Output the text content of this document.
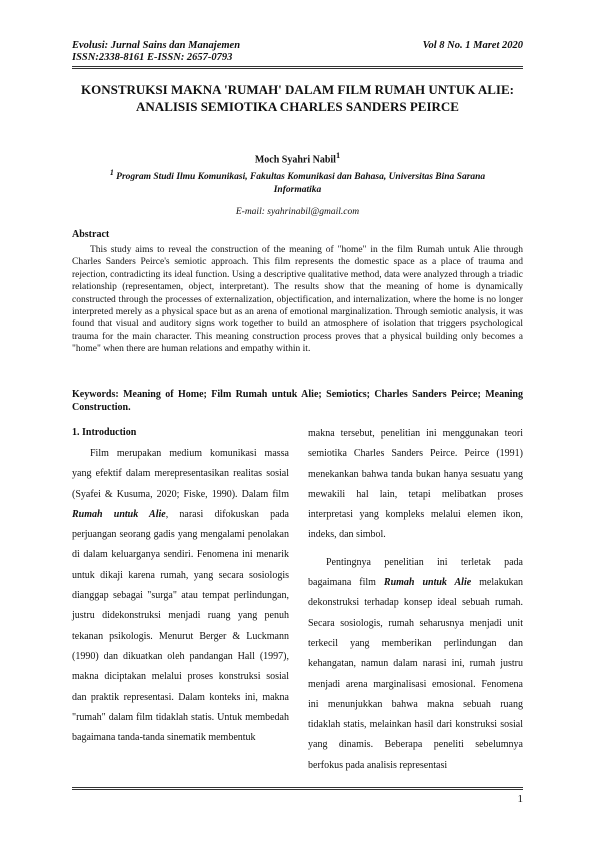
Evolusi: Jurnal Sains dan Manajemen
ISSN:2338-8161 E-ISSN: 2657-0793
Vol 8 No. 1 Maret 2020
KONSTRUKSI MAKNA 'RUMAH' DALAM FILM RUMAH UNTUK ALIE: ANALISIS SEMIOTIKA CHARLES SANDERS PEIRCE
Moch Syahri Nabil$^1$
$^1$ Program Studi Ilmu Komunikasi, Fakultas Komunikasi dan Bahasa, Universitas Bina Sarana Informatika
E-mail: syahrinabil@gmail.com
Abstract

This study aims to reveal the construction of the meaning of "home" in the film Rumah untuk Alie through Charles Sanders Peirce's semiotic approach. This film represents the domestic space as a place of trauma and rejection, contradicting its ideal function. Using a descriptive qualitative method, data were analyzed through a triadic relationship (representamen, object, interpretant). The results show that the meaning of home is dynamically constructed through the processes of externalization, objectification, and internalization, where the home is no longer interpreted merely as a physical space but as an arena of emotional marginalization. Through semiotic analysis, it was found that visual and auditory signs work together to build an atmosphere of isolation that triggers psychological trauma for the main character. This meaning construction process proves that a physical building only becomes a "home" when there are human relations and empathy within it.

Keywords: Meaning of Home; Film Rumah untuk Alie; Semiotics; Charles Sanders Peirce; Meaning Construction.
1. Introduction

Film merupakan medium komunikasi massa yang efektif dalam merepresentasikan realitas sosial (Syafei & Kusuma, 2020; Fiske, 1990). Dalam film Rumah untuk Alie, narasi difokuskan pada perjuangan seorang gadis yang mengalami penolakan di dalam keluarganya sendiri. Fenomena ini menarik untuk dikaji karena rumah, yang secara sosiologis dianggap sebagai "surga" atau tempat perlindungan, justru didekonstruksi menjadi ruang yang penuh tekanan psikologis. Menurut Berger & Luckmann (1990) dan dikuatkan oleh pandangan Hall (1997), makna diciptakan melalui proses konstruksi sosial dan praktik representasi. Dalam konteks ini, makna "rumah" dalam film tidaklah statis. Untuk membedah bagaimana tanda-tanda sinematik membentuk

makna tersebut, penelitian ini menggunakan teori semiotika Charles Sanders Peirce. Peirce (1991) menekankan bahwa tanda bukan hanya sesuatu yang mewakili hal lain, tetapi melibatkan proses interpretasi yang kompleks melalui elemen ikon, indeks, dan simbol.

Pentingnya penelitian ini terletak pada bagaimana film Rumah untuk Alie melakukan dekonstruksi terhadap konsep ideal sebuah rumah. Secara sosiologis, rumah seharusnya menjadi unit terkecil yang memberikan perlindungan dan kehangatan, namun dalam narasi ini, rumah justru menjadi arena marginalisasi emosional. Fenomena ini menunjukkan bahwa makna sebuah ruang tidaklah statis, melainkan hasil dari konstruksi sosial yang dinamis. Beberapa peneliti sebelumnya berfokus pada analisis representasi

1
